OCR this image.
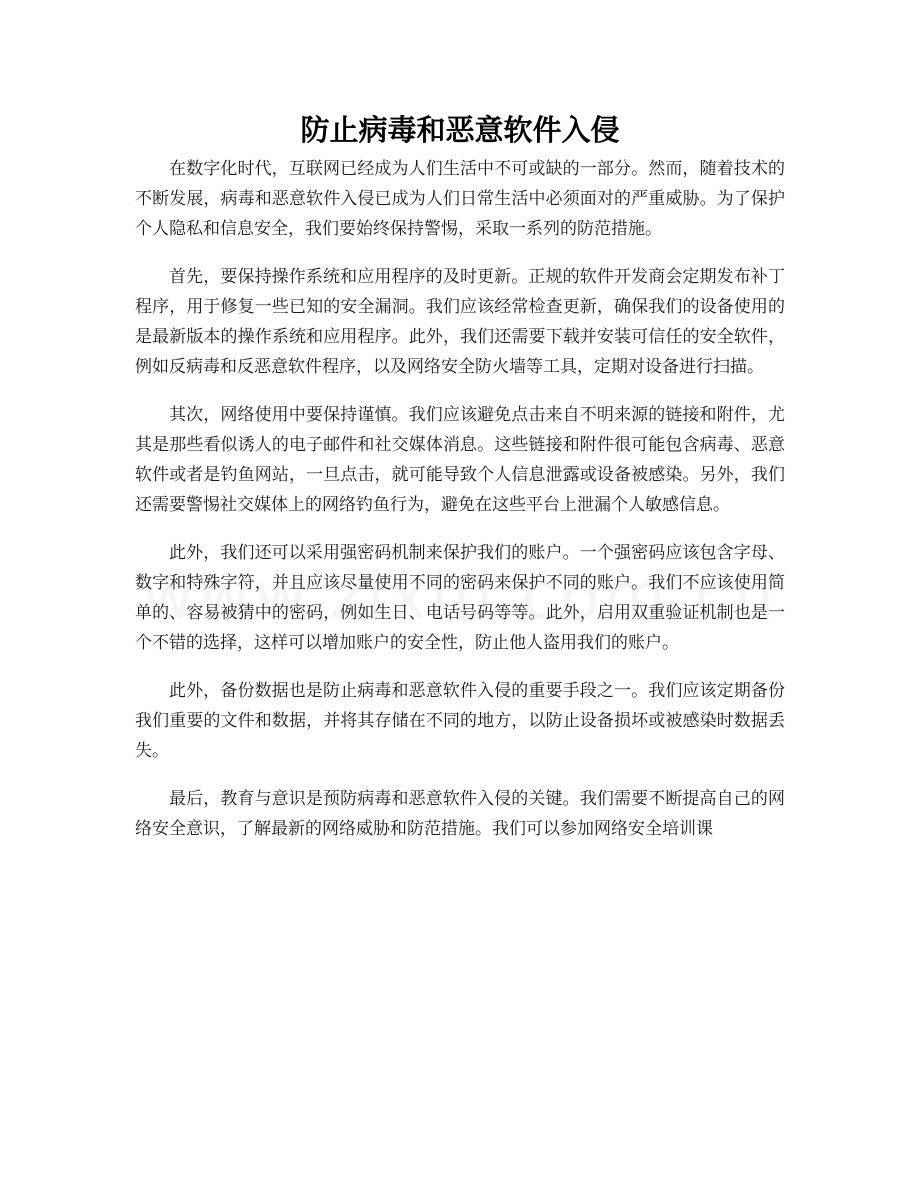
防止病毒和恶意软件入侵

在数字化时代，互联网已经成为人们生活中不可或缺的一部分。然而，随着技术的不断发展，病毒和恶意软件入侵已成为人们日常生活中必须面对的严重威胁。为了保护个人隐私和信息安全，我们要始终保持警惕，采取一系列的防范措施。

首先，要保持操作系统和应用程序的及时更新。正规的软件开发商会定期发布补丁程序，用于修复一些已知的安全漏洞。我们应该经常检查更新，确保我们的设备使用的是最新版本的操作系统和应用程序。此外，我们还需要下载并安装可信任的安全软件，例如反病毒和反恶意软件程序，以及网络安全防火墙等工具，定期对设备进行扫描。

其次，网络使用中要保持谨慎。我们应该避免点击来自不明来源的链接和附件，尤其是那些看似诱人的电子邮件和社交媒体消息。这些链接和附件很可能包含病毒、恶意软件或者是钓鱼网站，一旦点击，就可能导致个人信息泄露或设备被感染。另外，我们还需要警惕社交媒体上的网络钓鱼行为，避免在这些平台上泄漏个人敏感信息。

此外，我们还可以采用强密码机制来保护我们的账户。一个强密码应该包含字母、数字和特殊字符，并且应该尽量使用不同的密码来保护不同的账户。我们不应该使用简单的、容易被猜中的密码，例如生日、电话号码等等。此外，启用双重验证机制也是一个不错的选择，这样可以增加账户的安全性，防止他人盗用我们的账户。

此外，备份数据也是防止病毒和恶意软件入侵的重要手段之一。我们应该定期备份我们重要的文件和数据，并将其存储在不同的地方，以防止设备损坏或被感染时数据丢失。

最后，教育与意识是预防病毒和恶意软件入侵的关键。我们需要不断提高自己的网络安全意识，了解最新的网络威胁和防范措施。我们可以参加网络安全培训课
